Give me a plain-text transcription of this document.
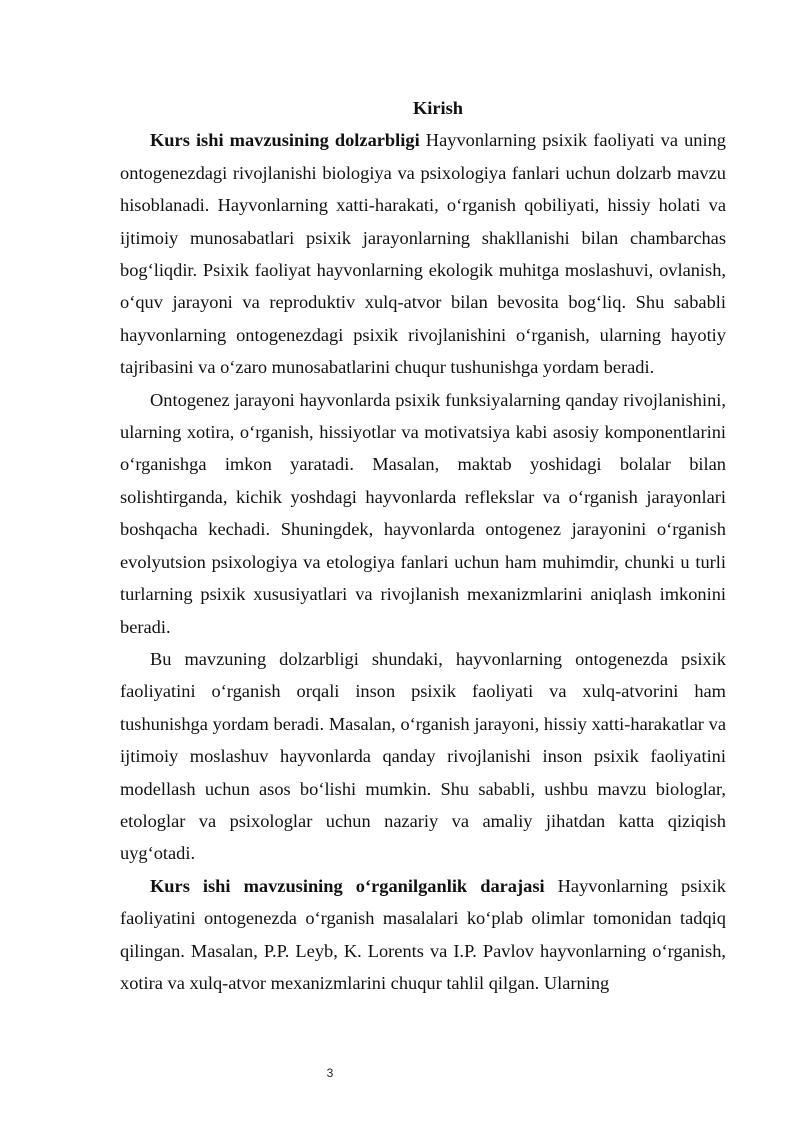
Kirish

Kurs ishi mavzusining dolzarbligi Hayvonlarning psixik faoliyati va uning ontogenezdagi rivojlanishi biologiya va psixologiya fanlari uchun dolzarb mavzu hisoblanadi. Hayvonlarning xatti-harakati, oʻrganish qobiliyati, hissiy holati va ijtimoiy munosabatlari psixik jarayonlarning shakllanishi bilan chambarchas bogʻliqdir. Psixik faoliyat hayvonlarning ekologik muhitga moslashuvi, ovlanish, oʻquv jarayoni va reproduktiv xulq-atvor bilan bevosita bogʻliq. Shu sababli hayvonlarning ontogenezdagi psixik rivojlanishini oʻrganish, ularning hayotiy tajribasini va oʻzaro munosabatlarini chuqur tushunishga yordam beradi.

Ontogenez jarayoni hayvonlarda psixik funksiyalarning qanday rivojlanishini, ularning xotira, oʻrganish, hissiyotlar va motivatsiya kabi asosiy komponentlarini oʻrganishga imkon yaratadi. Masalan, maktab yoshidagi bolalar bilan solishtirganda, kichik yoshdagi hayvonlarda reflekslar va oʻrganish jarayonlari boshqacha kechadi. Shuningdek, hayvonlarda ontogenez jarayonini oʻrganish evolyutsion psixologiya va etologiya fanlari uchun ham muhimdir, chunki u turli turlarning psixik xususiyatlari va rivojlanish mexanizmlarini aniqlash imkonini beradi.

Bu mavzuning dolzarbligi shundaki, hayvonlarning ontogenezda psixik faoliyatini oʻrganish orqali inson psixik faoliyati va xulq-atvorini ham tushunishga yordam beradi. Masalan, oʻrganish jarayoni, hissiy xatti-harakatlar va ijtimoiy moslashuv hayvonlarda qanday rivojlanishi inson psixik faoliyatini modellash uchun asos boʻlishi mumkin. Shu sababli, ushbu mavzu biologlar, etologlar va psixologlar uchun nazariy va amaliy jihatdan katta qiziqish uygʻotadi.

Kurs ishi mavzusining oʻrganilganlik darajasi Hayvonlarning psixik faoliyatini ontogenezda oʻrganish masalalari koʻplab olimlar tomonidan tadqiq qilingan. Masalan, P.P. Leyb, K. Lorents va I.P. Pavlov hayvonlarning oʻrganish, xotira va xulq-atvor mexanizmlarini chuqur tahlil qilgan. Ularning

3
